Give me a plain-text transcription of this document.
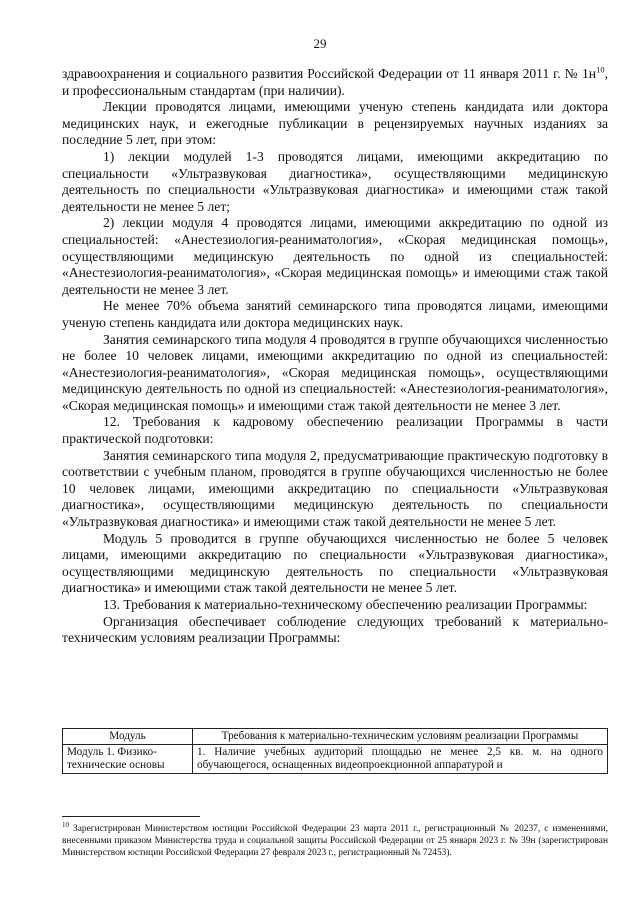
29

здравоохранения и социального развития Российской Федерации от 11 января 2011 г. № $1н^{10}$, и профессиональным стандартам (при наличии).

Лекции проводятся лицами, имеющими ученую степень кандидата или доктора медицинских наук, и ежегодные публикации в рецензируемых научных изданиях за последние 5 лет, при этом:

1) лекции модулей 1-3 проводятся лицами, имеющими аккредитацию по специальности «Ультразвуковая диагностика», осуществляющими медицинскую деятельность по специальности «Ультразвуковая диагностика» и имеющими стаж такой деятельности не менее 5 лет;

2) лекции модуля 4 проводятся лицами, имеющими аккредитацию по одной из специальностей: «Анестезиология-реаниматология», «Скорая медицинская помощь», осуществляющими медицинскую деятельность по одной из специальностей: «Анестезиология-реаниматология», «Скорая медицинская помощь» и имеющими стаж такой деятельности не менее 3 лет.

Не менее 70% объема занятий семинарского типа проводятся лицами, имеющими ученую степень кандидата или доктора медицинских наук.

Занятия семинарского типа модуля 4 проводятся в группе обучающихся численностью не более 10 человек лицами, имеющими аккредитацию по одной из специальностей: «Анестезиология-реаниматология», «Скорая медицинская помощь», осуществляющими медицинскую деятельность по одной из специальностей: «Анестезиология-реаниматология», «Скорая медицинская помощь» и имеющими стаж такой деятельности не менее 3 лет.

12. Требования к кадровому обеспечению реализации Программы в части практической подготовки:

Занятия семинарского типа модуля 2, предусматривающие практическую подготовку в соответствии с учебным планом, проводятся в группе обучающихся численностью не более 10 человек лицами, имеющими аккредитацию по специальности «Ультразвуковая диагностика», осуществляющими медицинскую деятельность по специальности «Ультразвуковая диагностика» и имеющими стаж такой деятельности не менее 5 лет.

Модуль 5 проводится в группе обучающихся численностью не более 5 человек лицами, имеющими аккредитацию по специальности «Ультразвуковая диагностика», осуществляющими медицинскую деятельность по специальности «Ультразвуковая диагностика» и имеющими стаж такой деятельности не менее 5 лет.

13. Требования к материально-техническому обеспечению реализации Программы:

Организация обеспечивает соблюдение следующих требований к материально-техническим условиям реализации Программы:

Модуль	Требования к материально-техническим условиям реализации Программы
Модуль 1. Физико-технические основы	1. Наличие учебных аудиторий площадью не менее 2,5 кв. м. на одного обучающегося, оснащенных видеопроекционной аппаратурой и
$^{10}$ Зарегистрирован Министерством юстиции Российской Федерации 23 марта 2011 г., регистрационный № 20237, с изменениями, внесенными приказом Министерства труда и социальной защиты Российской Федерации от 25 января 2023 г. № 39н (зарегистрирован Министерством юстиции Российской Федерации 27 февраля 2023 г., регистрационный № 72453).
